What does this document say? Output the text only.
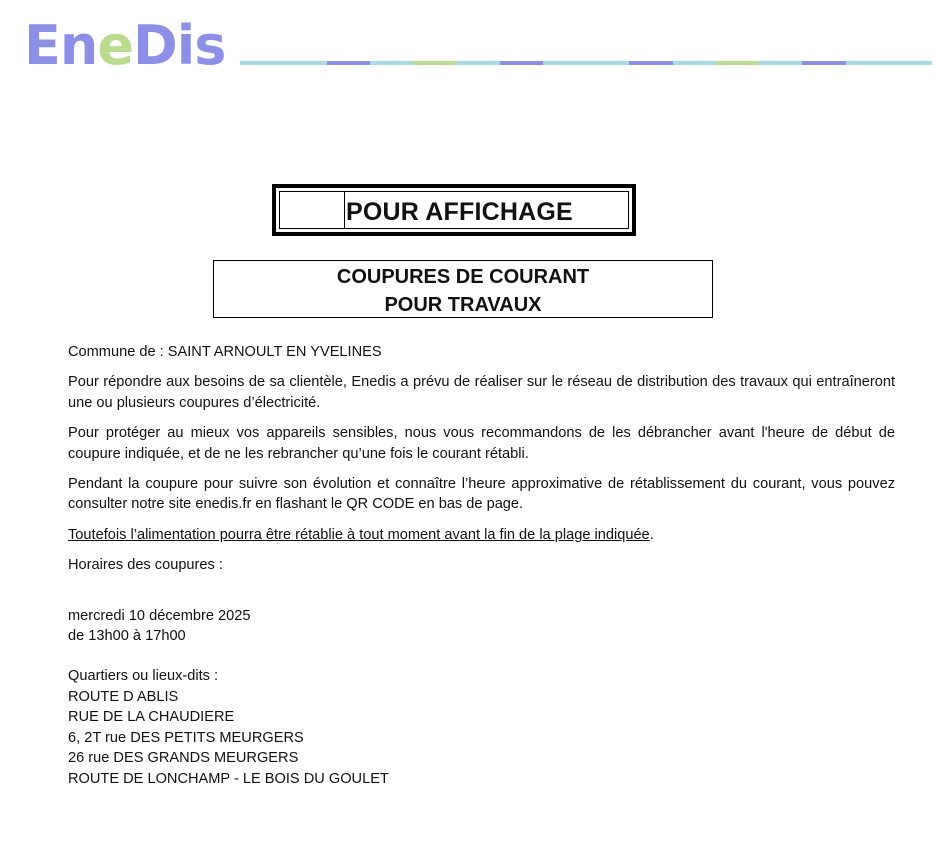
EneDis
POUR AFFICHAGE
COUPURES DE COURANT
POUR TRAVAUX

Commune de : SAINT ARNOULT EN YVELINES

Pour répondre aux besoins de sa clientèle, Enedis a prévu de réaliser sur le réseau de distribution des travaux qui entraîneront une ou plusieurs coupures d’électricité.

Pour protéger au mieux vos appareils sensibles, nous vous recommandons de les débrancher avant l'heure de début de coupure indiquée, et de ne les rebrancher qu’une fois le courant rétabli.

Pendant la coupure pour suivre son évolution et connaître l’heure approximative de rétablissement du courant, vous pouvez consulter notre site enedis.fr en flashant le QR CODE en bas de page.

Toutefois l’alimentation pourra être rétablie à tout moment avant la fin de la plage indiquée.

Horaires des coupures :

mercredi 10 décembre 2025
de 13h00 à 17h00
Quartiers ou lieux-dits :
ROUTE D ABLIS
RUE DE LA CHAUDIERE
6, 2T rue DES PETITS MEURGERS
26 rue DES GRANDS MEURGERS
ROUTE DE LONCHAMP - LE BOIS DU GOULET
